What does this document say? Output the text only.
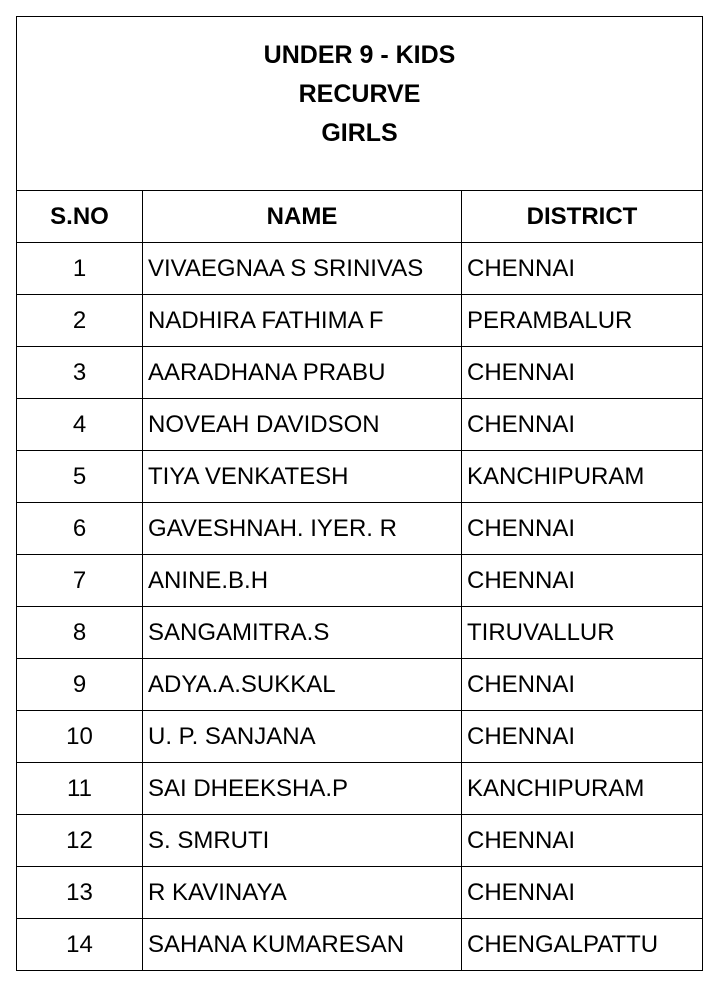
UNDER 9 - KIDS
RECURVE
GIRLS		

S.NO	NAME	DISTRICT
1	VIVAEGNAA S SRINIVAS	CHENNAI
2	NADHIRA FATHIMA F	PERAMBALUR
3	AARADHANA PRABU	CHENNAI
4	NOVEAH DAVIDSON	CHENNAI
5	TIYA VENKATESH	KANCHIPURAM
6	GAVESHNAH. IYER. R	CHENNAI
7	ANINE.B.H	CHENNAI
8	SANGAMITRA.S	TIRUVALLUR
9	ADYA.A.SUKKAL	CHENNAI
10	U. P. SANJANA	CHENNAI
11	SAI DHEEKSHA.P	KANCHIPURAM
12	S. SMRUTI	CHENNAI
13	R KAVINAYA	CHENNAI
14	SAHANA KUMARESAN	CHENGALPATTU
